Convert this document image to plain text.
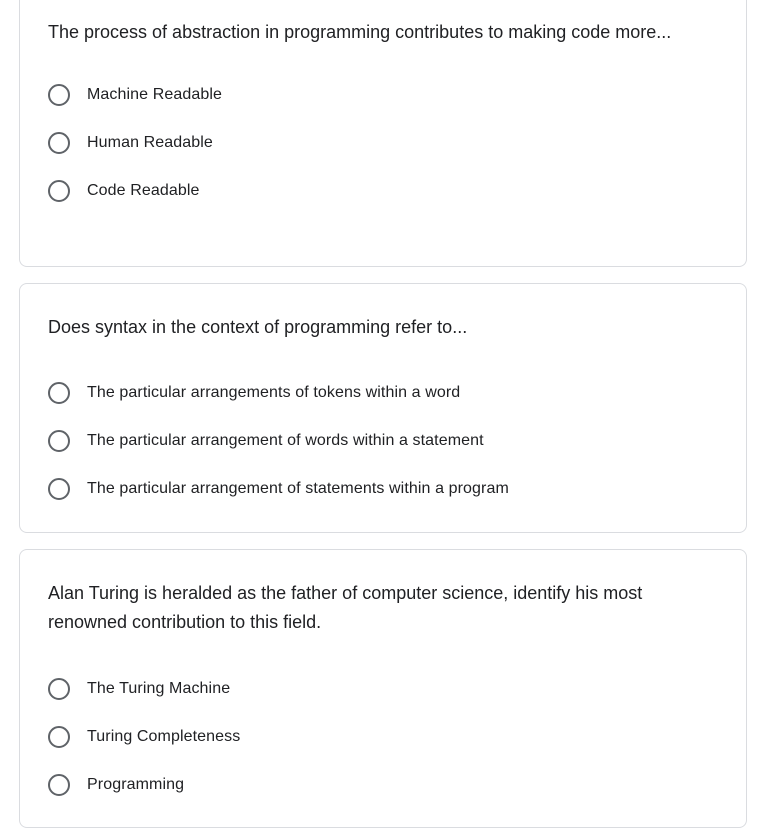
The process of abstraction in programming contributes to making code more...

Machine Readable
Human Readable
Code Readable

Does syntax in the context of programming refer to...

The particular arrangements of tokens within a word
The particular arrangement of words within a statement
The particular arrangement of statements within a program

Alan Turing is heralded as the father of computer science, identify his most renowned contribution to this field.

The Turing Machine
Turing Completeness
Programming
